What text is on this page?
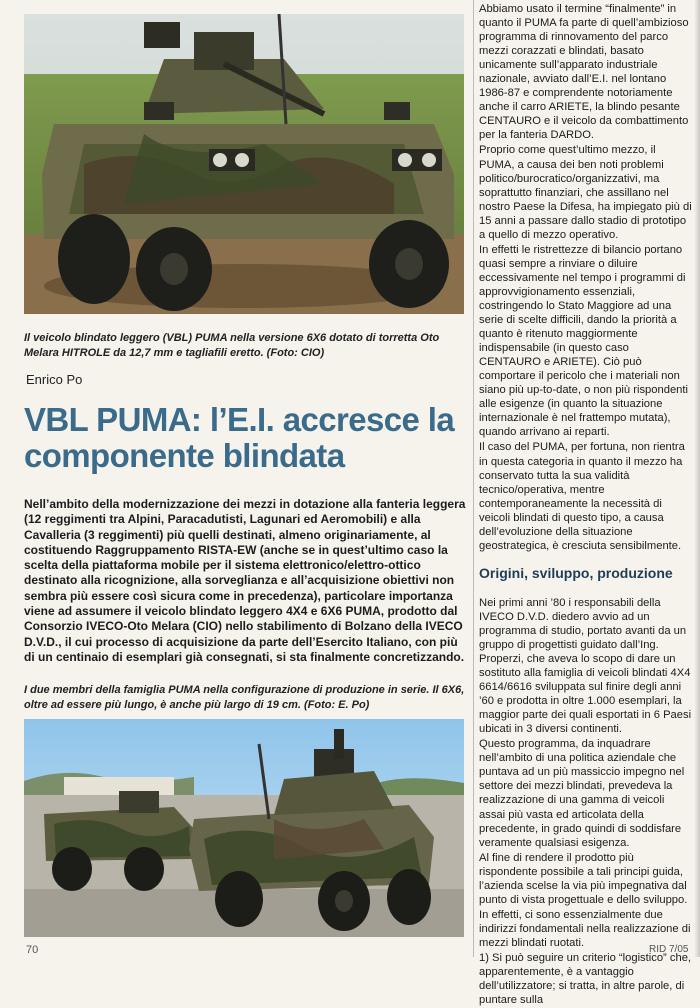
Il veicolo blindato leggero (VBL) PUMA nella versione 6X6 dotato di torretta Oto Melara HITROLE da 12,7 mm e tagliafili eretto. (Foto: CIO)

Enrico Po
VBL PUMA: l’E.I. accresce la componente blindata

Nell’ambito della modernizzazione dei mezzi in dotazione alla fanteria leggera (12 reggimenti tra Alpini, Paracadutisti, Lagunari ed Aeromobili) e alla Cavalleria (3 reggimenti) più quelli destinati, almeno originariamente, al costituendo Raggruppamento RISTA-EW (anche se in quest’ultimo caso la scelta della piattaforma mobile per il sistema elettronico/elettro-ottico destinato alla ricognizione, alla sorveglianza e all’acquisizione obiettivi non sembra più essere così sicura come in precedenza), particolare importanza viene ad assumere il veicolo blindato leggero 4X4 e 6X6 PUMA, prodotto dal Consorzio IVECO-Oto Melara (CIO) nello stabilimento di Bolzano della IVECO D.V.D., il cui processo di acquisizione da parte dell’Esercito Italiano, con più di un centinaio di esemplari già consegnati, si sta finalmente concretizzando.

I due membri della famiglia PUMA nella configurazione di produzione in serie. Il 6X6, oltre ad essere più lungo, è anche più largo di 19 cm. (Foto: E. Po)

Abbiamo usato il termine “finalmente” in quanto il PUMA fa parte di quell’ambizioso programma di rinnovamento del parco mezzi corazzati e blindati, basato unicamente sull’apparato industriale nazionale, avviato dall’E.I. nel lontano 1986-87 e comprendente notoriamente anche il carro ARIETE, la blindo pesante CENTAURO e il veicolo da combattimento per la fanteria DARDO.

Proprio come quest’ultimo mezzo, il PUMA, a causa dei ben noti problemi politico/burocratico/organizzativi, ma soprattutto finanziari, che assillano nel nostro Paese la Difesa, ha impiegato più di 15 anni a passare dallo stadio di prototipo a quello di mezzo operativo.

In effetti le ristrettezze di bilancio portano quasi sempre a rinviare o diluire eccessivamente nel tempo i programmi di approvvigionamento essenziali, costringendo lo Stato Maggiore ad una serie di scelte difficili, dando la priorità a quanto è ritenuto maggiormente indispensabile (in questo caso CENTAURO e ARIETE). Ciò può comportare il pericolo che i materiali non siano più up-to-date, o non più rispondenti alle esigenze (in quanto la situazione internazionale è nel frattempo mutata), quando arrivano ai reparti.

Il caso del PUMA, per fortuna, non rientra in questa categoria in quanto il mezzo ha conservato tutta la sua validità tecnico/operativa, mentre contemporaneamente la necessità di veicoli blindati di questo tipo, a causa dell’evoluzione della situazione geostrategica, è cresciuta sensibilmente.

Origini, sviluppo, produzione

Nei primi anni ’80 i responsabili della IVECO D.V.D. diedero avvio ad un programma di studio, portato avanti da un gruppo di progettisti guidato dall’Ing. Properzi, che aveva lo scopo di dare un sostituto alla famiglia di veicoli blindati 4X4 6614/6616 sviluppata sul finire degli anni ’60 e prodotta in oltre 1.000 esemplari, la maggior parte dei quali esportati in 6 Paesi ubicati in 3 diversi continenti.

Questo programma, da inquadrare nell’ambito di una politica aziendale che puntava ad un più massiccio impegno nel settore dei mezzi blindati, prevedeva la realizzazione di una gamma di veicoli assai più vasta ed articolata della precedente, in grado quindi di soddisfare veramente qualsiasi esigenza.

Al fine di rendere il prodotto più rispondente possibile a tali principi guida, l’azienda scelse la via più impegnativa dal punto di vista progettuale e dello sviluppo.

In effetti, ci sono essenzialmente due indirizzi fondamentali nella realizzazione di mezzi blindati ruotati.

1) Si può seguire un criterio “logistico” che, apparentemente, è a vantaggio dell’utilizzatore; si tratta, in altre parole, di puntare sulla

70	RID 7/05
